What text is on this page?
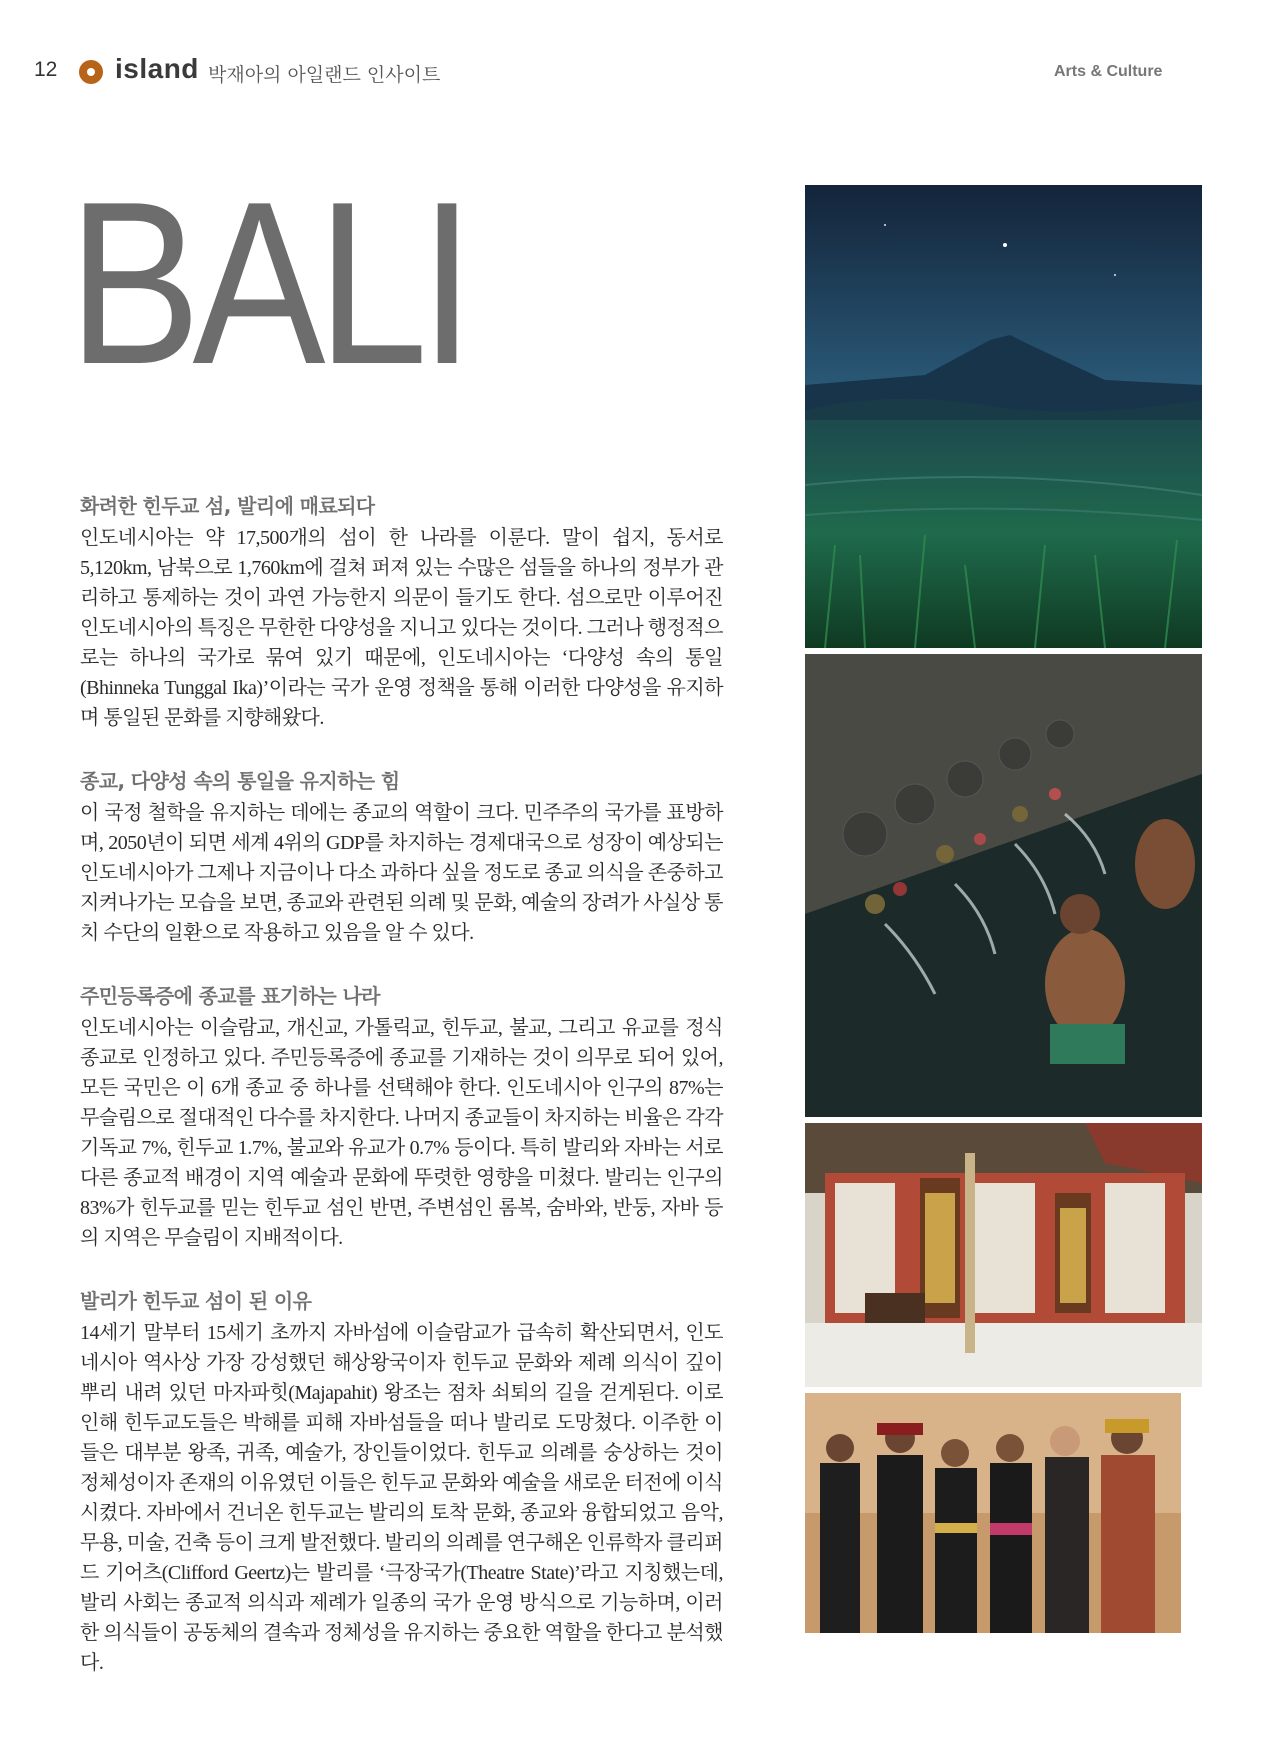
12 island 박재아의 아일랜드 인사이트	Arts & Culture
BALI
화려한 힌두교 섬, 발리에 매료되다

인도네시아는 약 17,500개의 섬이 한 나라를 이룬다. 말이 쉽지, 동서로 5,120km, 남북으로 1,760km에 걸쳐 퍼져 있는 수많은 섬들을 하나의 정부가 관리하고 통제하는 것이 과연 가능한지 의문이 들기도 한다. 섬으로만 이루어진 인도네시아의 특징은 무한한 다양성을 지니고 있다는 것이다. 그러나 행정적으로는 하나의 국가로 묶여 있기 때문에, 인도네시아는 ‘다양성 속의 통일(Bhinneka Tunggal Ika)’이라는 국가 운영 정책을 통해 이러한 다양성을 유지하며 통일된 문화를 지향해왔다.

종교, 다양성 속의 통일을 유지하는 힘

이 국정 철학을 유지하는 데에는 종교의 역할이 크다. 민주주의 국가를 표방하며, 2050년이 되면 세계 4위의 GDP를 차지하는 경제대국으로 성장이 예상되는 인도네시아가 그제나 지금이나 다소 과하다 싶을 정도로 종교 의식을 존중하고 지켜나가는 모습을 보면, 종교와 관련된 의례 및 문화, 예술의 장려가 사실상 통치 수단의 일환으로 작용하고 있음을 알 수 있다.

주민등록증에 종교를 표기하는 나라

인도네시아는 이슬람교, 개신교, 가톨릭교, 힌두교, 불교, 그리고 유교를 정식 종교로 인정하고 있다. 주민등록증에 종교를 기재하는 것이 의무로 되어 있어, 모든 국민은 이 6개 종교 중 하나를 선택해야 한다. 인도네시아 인구의 87%는 무슬림으로 절대적인 다수를 차지한다. 나머지 종교들이 차지하는 비율은 각각 기독교 7%, 힌두교 1.7%, 불교와 유교가 0.7% 등이다. 특히 발리와 자바는 서로 다른 종교적 배경이 지역 예술과 문화에 뚜렷한 영향을 미쳤다. 발리는 인구의 83%가 힌두교를 믿는 힌두교 섬인 반면, 주변섬인 롬복, 숨바와, 반둥, 자바 등의 지역은 무슬림이 지배적이다.

발리가 힌두교 섬이 된 이유

14세기 말부터 15세기 초까지 자바섬에 이슬람교가 급속히 확산되면서, 인도네시아 역사상 가장 강성했던 해상왕국이자 힌두교 문화와 제례 의식이 깊이 뿌리 내려 있던 마자파힛(Majapahit) 왕조는 점차 쇠퇴의 길을 걷게된다. 이로 인해 힌두교도들은 박해를 피해 자바섬들을 떠나 발리로 도망쳤다. 이주한 이들은 대부분 왕족, 귀족, 예술가, 장인들이었다. 힌두교 의례를 숭상하는 것이 정체성이자 존재의 이유였던 이들은 힌두교 문화와 예술을 새로운 터전에 이식시켰다. 자바에서 건너온 힌두교는 발리의 토착 문화, 종교와 융합되었고 음악, 무용, 미술, 건축 등이 크게 발전했다. 발리의 의례를 연구해온 인류학자 클리퍼드 기어츠(Clifford Geertz)는 발리를 ‘극장국가(Theatre State)’라고 지칭했는데, 발리 사회는 종교적 의식과 제례가 일종의 국가 운영 방식으로 기능하며, 이러한 의식들이 공동체의 결속과 정체성을 유지하는 중요한 역할을 한다고 분석했다.
